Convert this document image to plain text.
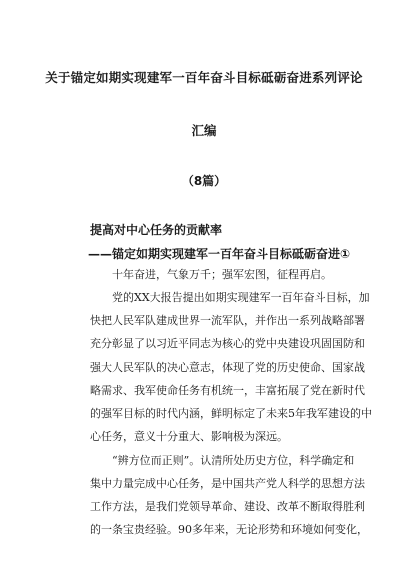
关于锚定如期实现建军一百年奋斗目标砥砺奋进系列评论
汇编
（8篇）
提高对中心任务的贡献率
——锚定如期实现建军一百年奋斗目标砥砺奋进①
十年奋进，气象万千；强军宏图，征程再启。
党的XX大报告提出如期实现建军一百年奋斗目标，加
快把人民军队建成世界一流军队，并作出一系列战略部署
充分彰显了以习近平同志为核心的党中央建设巩固国防和
强大人民军队的决心意志，体现了党的历史使命、国家战
略需求、我军使命任务有机统一，丰富拓展了党在新时代
的强军目标的时代内涵，鲜明标定了未来5年我军建设的中
心任务，意义十分重大、影响极为深远。
“辨方位而正则”。认清所处历史方位，科学确定和
集中力量完成中心任务，是中国共产党人科学的思想方法
工作方法，是我们党领导革命、建设、改革不断取得胜利
的一条宝贵经验。90多年来，无论形势和环境如何变化，
